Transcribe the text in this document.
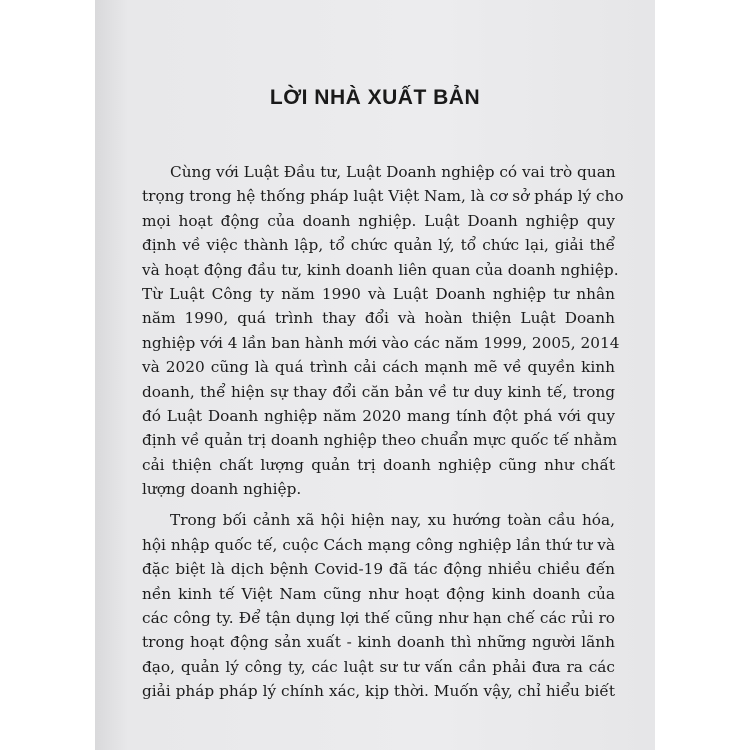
LỜI NHÀ XUẤT BẢN
Cùng với Luật Đầu tư, Luật Doanh nghiệp có vai trò quan
trọng trong hệ thống pháp luật Việt Nam, là cơ sở pháp lý cho
mọi hoạt động của doanh nghiệp. Luật Doanh nghiệp quy
định về việc thành lập, tổ chức quản lý, tổ chức lại, giải thể
và hoạt động đầu tư, kinh doanh liên quan của doanh nghiệp.
Từ Luật Công ty năm 1990 và Luật Doanh nghiệp tư nhân
năm 1990, quá trình thay đổi và hoàn thiện Luật Doanh
nghiệp với 4 lần ban hành mới vào các năm 1999, 2005, 2014
và 2020 cũng là quá trình cải cách mạnh mẽ về quyền kinh
doanh, thể hiện sự thay đổi căn bản về tư duy kinh tế, trong
đó Luật Doanh nghiệp năm 2020 mang tính đột phá với quy
định về quản trị doanh nghiệp theo chuẩn mực quốc tế nhằm
cải thiện chất lượng quản trị doanh nghiệp cũng như chất
lượng doanh nghiệp.
Trong bối cảnh xã hội hiện nay, xu hướng toàn cầu hóa,
hội nhập quốc tế, cuộc Cách mạng công nghiệp lần thứ tư và
đặc biệt là dịch bệnh Covid-19 đã tác động nhiều chiều đến
nền kinh tế Việt Nam cũng như hoạt động kinh doanh của
các công ty. Để tận dụng lợi thế cũng như hạn chế các rủi ro
trong hoạt động sản xuất - kinh doanh thì những người lãnh
đạo, quản lý công ty, các luật sư tư vấn cần phải đưa ra các
giải pháp pháp lý chính xác, kịp thời. Muốn vậy, chỉ hiểu biết
